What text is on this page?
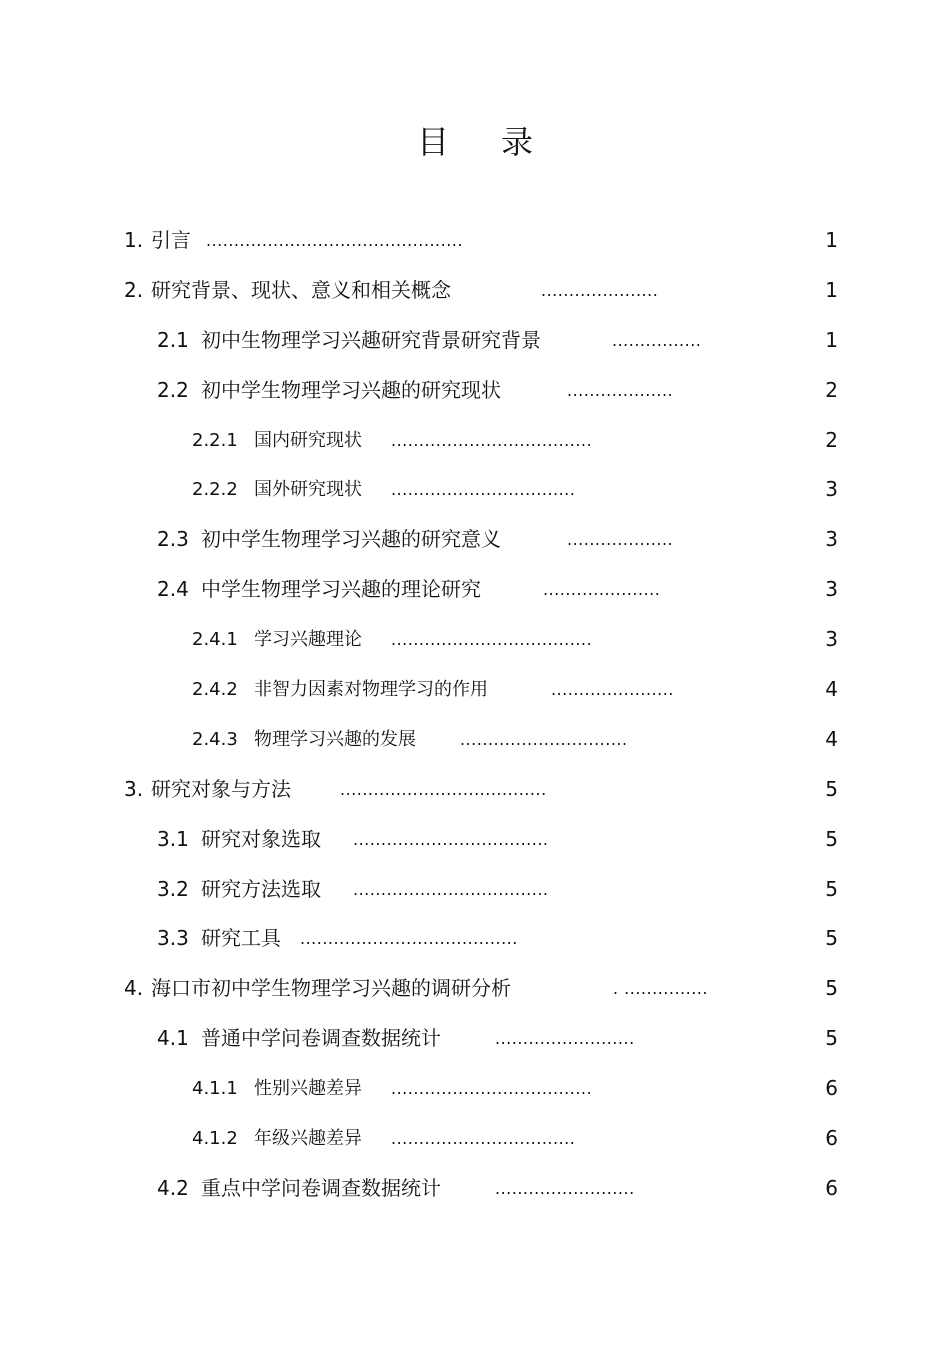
目 录
1. 引言 ..............................................	1
2. 研究背景、现状、意义和相关概念	.....................	1
2.1 初中生物理学习兴趣研究背景研究背景	................	1
2.2 初中学生物理学习兴趣的研究现状	...................	2
2.2.1 国内研究现状 ....................................	2
2.2.2 国外研究现状 .................................	3
2.3 初中学生物理学习兴趣的研究意义	...................	3
2.4 中学生物理学习兴趣的理论研究	.....................	3
2.4.1 学习兴趣理论 ....................................	3
2.4.2 非智力因素对物理学习的作用	......................	4
2.4.3 物理学习兴趣的发展	..............................	4
3. 研究对象与方法	.....................................	5
3.1 研究对象选取 ...................................	5
3.2 研究方法选取 ...................................	5
3.3 研究工具 .......................................	5
4. 海口市初中学生物理学习兴趣的调研分析	. ...............	5
4.1 普通中学问卷调查数据统计	.........................	5
4.1.1 性别兴趣差异 ....................................	6
4.1.2 年级兴趣差异 .................................	6
4.2 重点中学问卷调查数据统计	.........................	6
